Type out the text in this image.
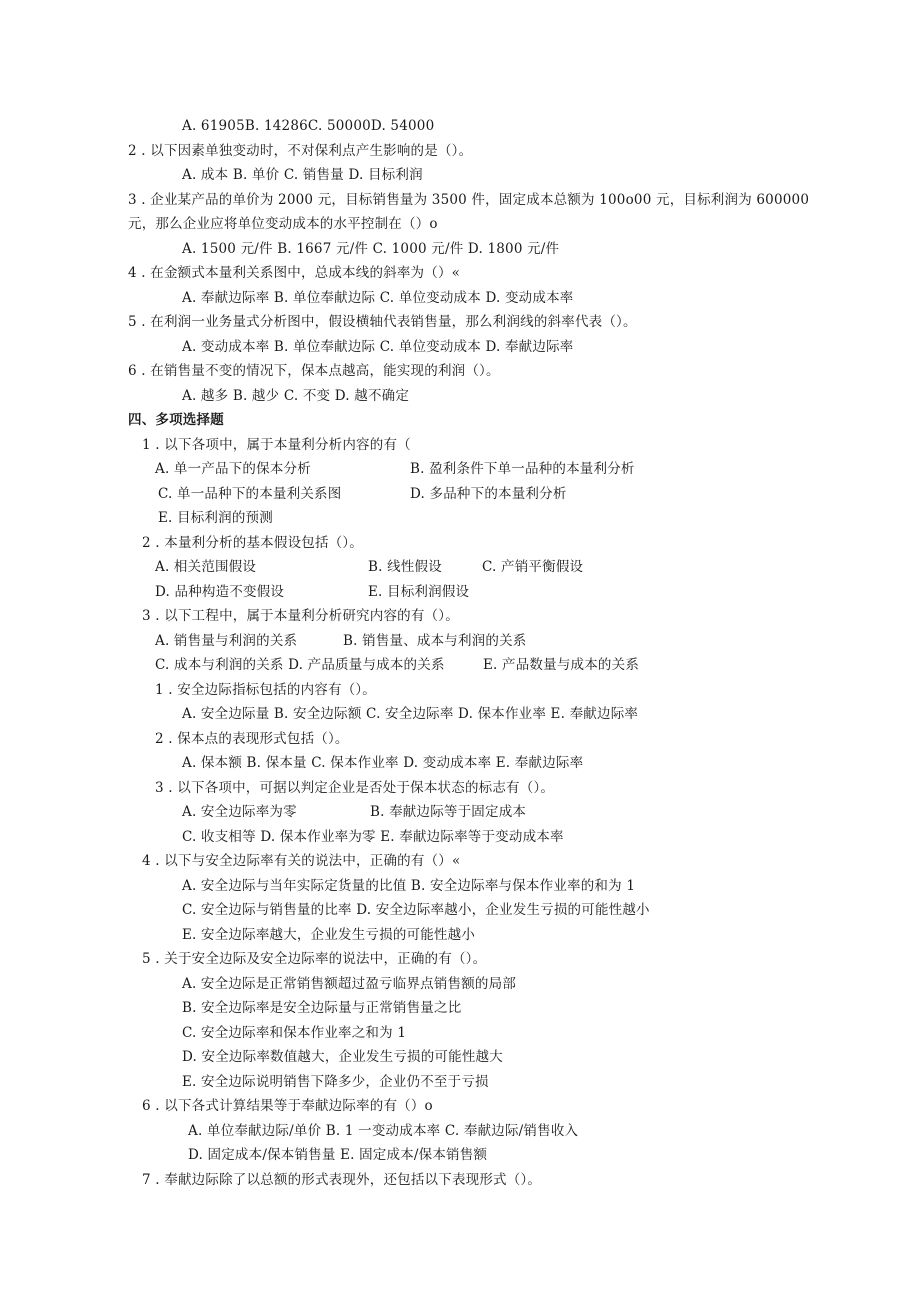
A. 61905B. 14286C. 50000D. 54000
2 . 以下因素单独变动时，不对保利点产生影响的是（）。
A. 成本 B. 单价 C. 销售量 D. 目标利润
3 . 企业某产品的单价为 2000 元，目标销售量为 3500 件，固定成本总额为 100o00 元，目标利润为 600000
元，那么企业应将单位变动成本的水平控制在（）o
A. 1500 元/件 B. 1667 元/件 C. 1000 元/件 D. 1800 元/件
4 . 在金额式本量利关系图中，总成本线的斜率为（）«
A. 奉献边际率 B. 单位奉献边际 C. 单位变动成本 D. 变动成本率
5 . 在利润一业务量式分析图中，假设横轴代表销售量，那么利润线的斜率代表（）。
A. 变动成本率 B. 单位奉献边际 C. 单位变动成本 D. 奉献边际率
6 . 在销售量不变的情况下，保本点越高，能实现的利润（）。
A. 越多 B. 越少 C. 不变 D. 越不确定
四、多项选择题
1 . 以下各项中，属于本量利分析内容的有（
A. 单一产品下的保本分析	B. 盈利条件下单一品种的本量利分析
C. 单一品种下的本量利关系图	D. 多品种下的本量利分析
E. 目标利润的预测
2 . 本量利分析的基本假设包括（）。
A. 相关范围假设	B. 线性假设	C. 产销平衡假设
D. 品种构造不变假设	E. 目标利润假设
3 . 以下工程中，属于本量利分析研究内容的有（）。
A. 销售量与利润的关系	B. 销售量、成本与利润的关系
C. 成本与利润的关系 D. 产品质量与成本的关系	E. 产品数量与成本的关系
1 . 安全边际指标包括的内容有（）。
A. 安全边际量 B. 安全边际额 C. 安全边际率 D. 保本作业率 E. 奉献边际率
2 . 保本点的表现形式包括（）。
A. 保本额 B. 保本量 C. 保本作业率 D. 变动成本率 E. 奉献边际率
3 . 以下各项中，可据以判定企业是否处于保本状态的标志有（）。
A. 安全边际率为零	B. 奉献边际等于固定成本
C. 收支相等 D. 保本作业率为零 E. 奉献边际率等于变动成本率
4 . 以下与安全边际率有关的说法中，正确的有（）«
A. 安全边际与当年实际定货量的比值 B. 安全边际率与保本作业率的和为 1
C. 安全边际与销售量的比率 D. 安全边际率越小，企业发生亏损的可能性越小
E. 安全边际率越大，企业发生亏损的可能性越小
5 . 关于安全边际及安全边际率的说法中，正确的有（）。
A. 安全边际是正常销售额超过盈亏临界点销售额的局部
B. 安全边际率是安全边际量与正常销售量之比
C. 安全边际率和保本作业率之和为 1
D. 安全边际率数值越大，企业发生亏损的可能性越大
E. 安全边际说明销售下降多少，企业仍不至于亏损
6 . 以下各式计算结果等于奉献边际率的有（）o
A. 单位奉献边际/单价 B. 1 一变动成本率 C. 奉献边际/销售收入
D. 固定成本/保本销售量 E. 固定成本/保本销售额
7 . 奉献边际除了以总额的形式表现外，还包括以下表现形式（）。
